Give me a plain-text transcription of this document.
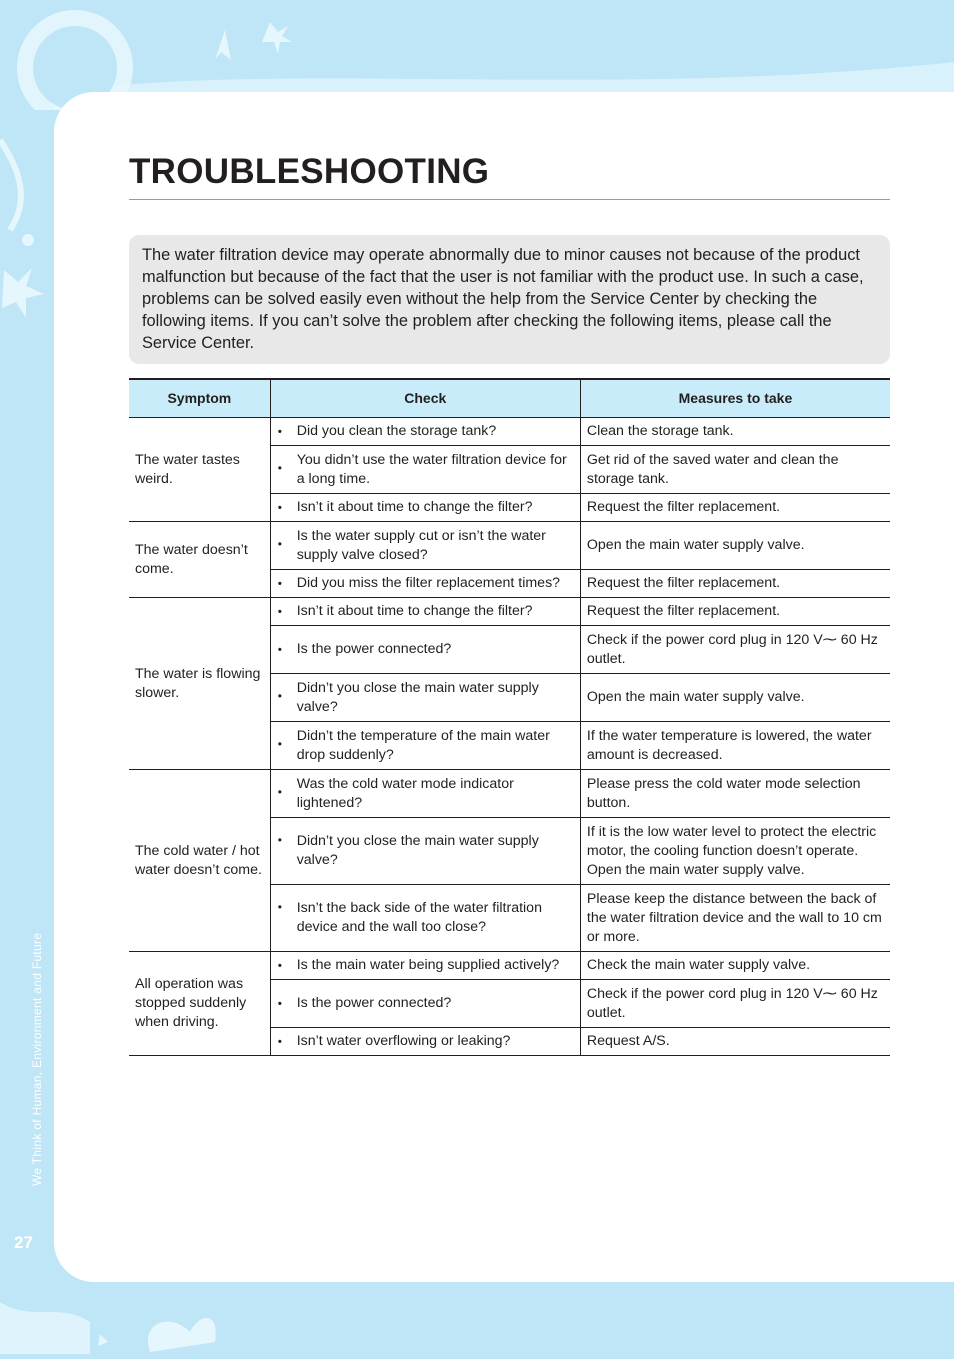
TROUBLESHOOTING
The water filtration device may operate abnormally due to minor causes not because of the product malfunction but because of the fact that the user is not familiar with the product use. In such a case, problems can be solved easily even without the help from the Service Center by checking the following items. If you can’t solve the problem after checking the following items, please call the Service Center.
Symptom	Check	Measures to take
The water tastes weird.	• Did you clean the storage tank?	Clean the storage tank.
	• You didn’t use the water filtration device for a long time.	Get rid of the saved water and clean the storage tank.
	• Isn’t it about time to change the filter?	Request the filter replacement.
The water doesn’t come.	• Is the water supply cut or isn’t the water supply valve closed?	Open the main water supply valve.
	• Did you miss the filter replacement times?	Request the filter replacement.
The water is flowing slower.	• Isn’t it about time to change the filter?	Request the filter replacement.
	• Is the power connected?	Check if the power cord plug in 120 V⁓ 60 Hz outlet.
	• Didn’t you close the main water supply valve?	Open the main water supply valve.
	• Didn’t the temperature of the main water drop suddenly?	If the water temperature is lowered, the water amount is decreased.
The cold water / hot water doesn’t come.	• Was the cold water mode indicator lightened?	Please press the cold water mode selection button.
	• Didn’t you close the main water supply valve?	If it is the low water level to protect the electric motor, the cooling function doesn’t operate. Open the main water supply valve.
	• Isn’t the back side of the water filtration device and the wall too close?	Please keep the distance between the back of the water filtration device and the wall to 10 cm or more.
All operation was stopped suddenly when driving.	• Is the main water being supplied actively?	Check the main water supply valve.
	• Is the power connected?	Check if the power cord plug in 120 V⁓ 60 Hz outlet.
	• Isn’t water overflowing or leaking?	Request A/S.
We Think of Human, Environment and Future
27
